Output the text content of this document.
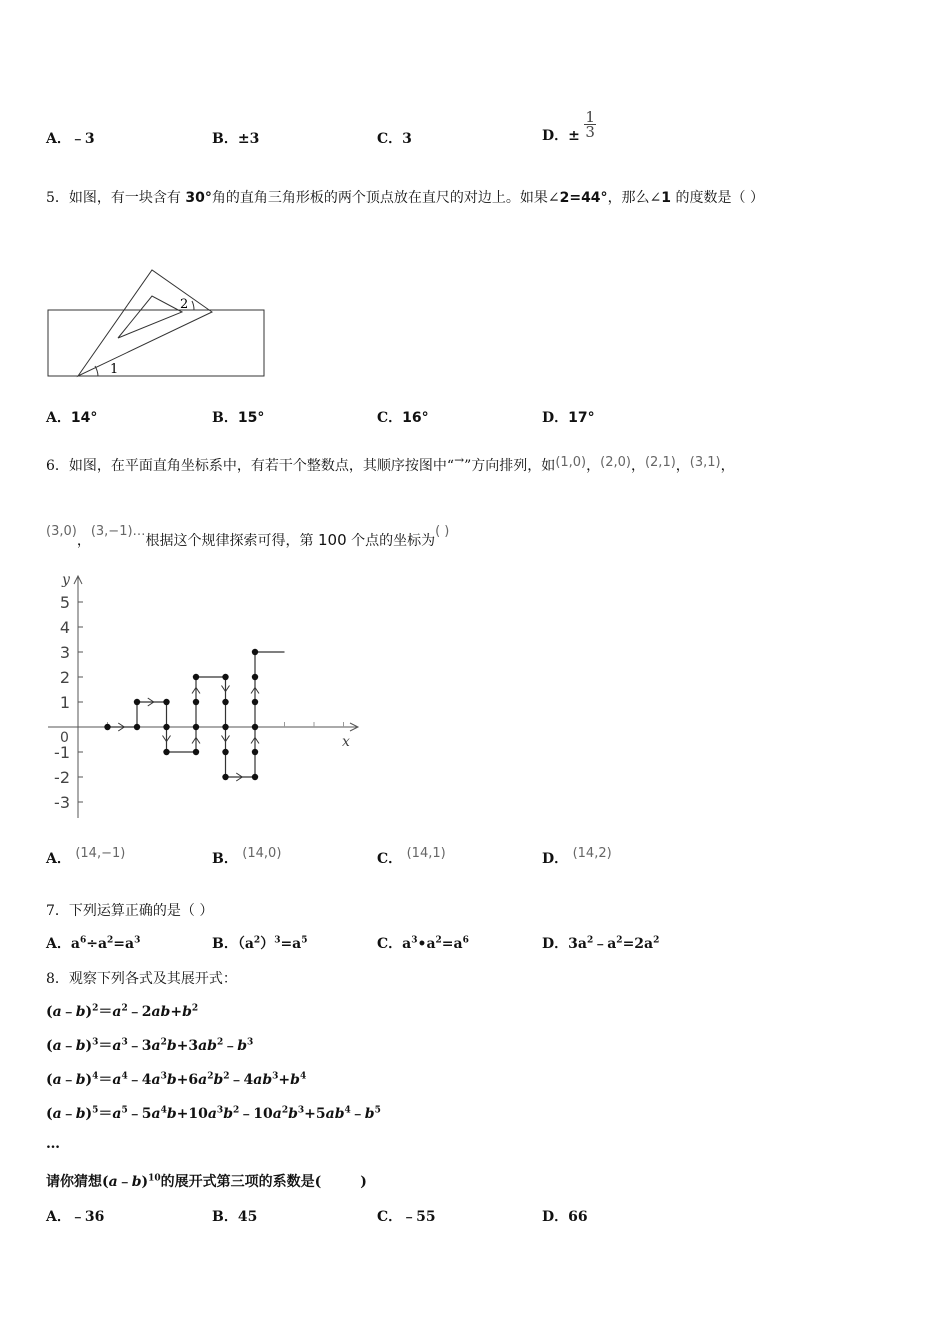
A．﹣3	B．±3	C．3	D．± $\frac{1}{3}$
5．如图，有一块含有 30°角的直角三角形板的两个顶点放在直尺的对边上。如果∠2=44°，那么∠1 的度数是（ ）
2
1
A．14°	B．15°	C．16°	D．17°
6．如图，在平面直角坐标系中，有若干个整数点，其顺序按图中“→”方向排列，如(1,0)，(2,0)，(2,1)，(3,1)，
(3,0)，(3,−1)…根据这个规律探索可得，第 100 个点的坐标为( )
x
y
0
5
4
3
2
1
-1
-2
-3
A． (14,−1)	B． (14,0)	C． (14,1)	D． (14,2)
7．下列运算正确的是（ ）
A．$a^6\div a^2=a^3$	B．$(a^2)^3=a^5$	C．$a^3•a^2=a^6$	D．$3a^2﹣a^2=2a^2$
8．观察下列各式及其展开式：
$(a﹣b)^2=a^2﹣2ab+b^2$
$(a﹣b)^3=a^3﹣3a^2b+3ab^2﹣b^3$
$(a﹣b)^4=a^4﹣4a^3b+6a^2b^2﹣4ab^3+b^4$
$(a﹣b)^5=a^5﹣5a^4b+10a^3b^2﹣10a^2b^3+5ab^4﹣b^5$
…
请你猜想(a﹣b)$^{10}$的展开式第三项的系数是(	)
A．﹣36	B．45	C．﹣55	D．66
